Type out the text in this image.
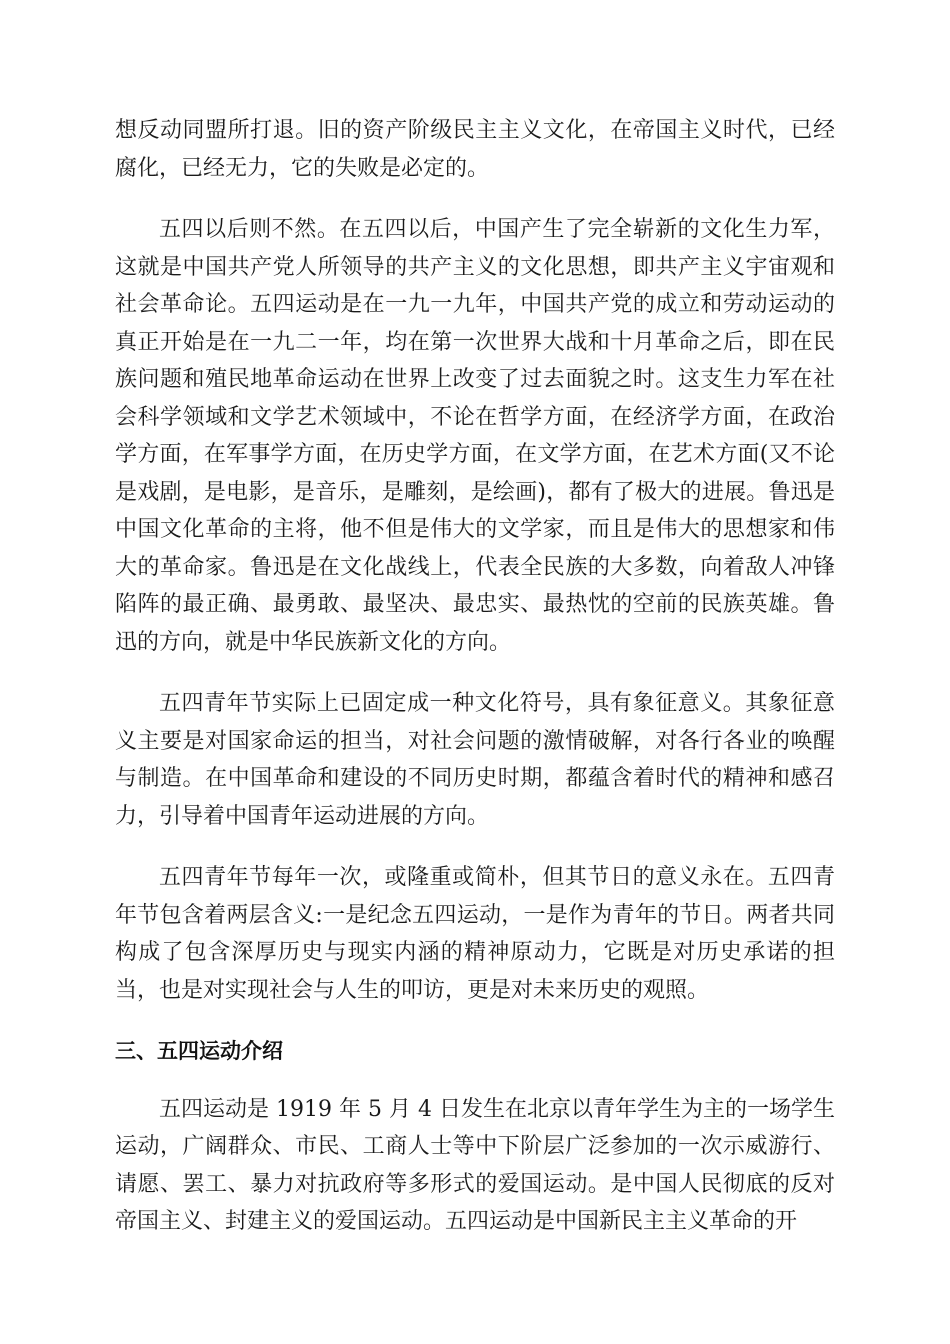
想反动同盟所打退。旧的资产阶级民主主义文化，在帝国主义时代，已经腐化，已经无力，它的失败是必定的。

五四以后则不然。在五四以后，中国产生了完全崭新的文化生力军，这就是中国共产党人所领导的共产主义的文化思想，即共产主义宇宙观和社会革命论。五四运动是在一九一九年，中国共产党的成立和劳动运动的真正开始是在一九二一年，均在第一次世界大战和十月革命之后，即在民族问题和殖民地革命运动在世界上改变了过去面貌之时。这支生力军在社会科学领域和文学艺术领域中，不论在哲学方面，在经济学方面，在政治学方面，在军事学方面，在历史学方面，在文学方面，在艺术方面(又不论是戏剧，是电影，是音乐，是雕刻，是绘画)，都有了极大的进展。鲁迅是中国文化革命的主将，他不但是伟大的文学家，而且是伟大的思想家和伟大的革命家。鲁迅是在文化战线上，代表全民族的大多数，向着敌人冲锋陷阵的最正确、最勇敢、最坚决、最忠实、最热忱的空前的民族英雄。鲁迅的方向，就是中华民族新文化的方向。

五四青年节实际上已固定成一种文化符号，具有象征意义。其象征意义主要是对国家命运的担当，对社会问题的激情破解，对各行各业的唤醒与制造。在中国革命和建设的不同历史时期，都蕴含着时代的精神和感召力，引导着中国青年运动进展的方向。

五四青年节每年一次，或隆重或简朴，但其节日的意义永在。五四青年节包含着两层含义:一是纪念五四运动，一是作为青年的节日。两者共同构成了包含深厚历史与现实内涵的精神原动力，它既是对历史承诺的担当，也是对实现社会与人生的叩访，更是对未来历史的观照。

三、五四运动介绍

五四运动是 1919 年 5 月 4 日发生在北京以青年学生为主的一场学生运动，广阔群众、市民、工商人士等中下阶层广泛参加的一次示威游行、请愿、罢工、暴力对抗政府等多形式的爱国运动。是中国人民彻底的反对帝国主义、封建主义的爱国运动。五四运动是中国新民主主义革命的开
